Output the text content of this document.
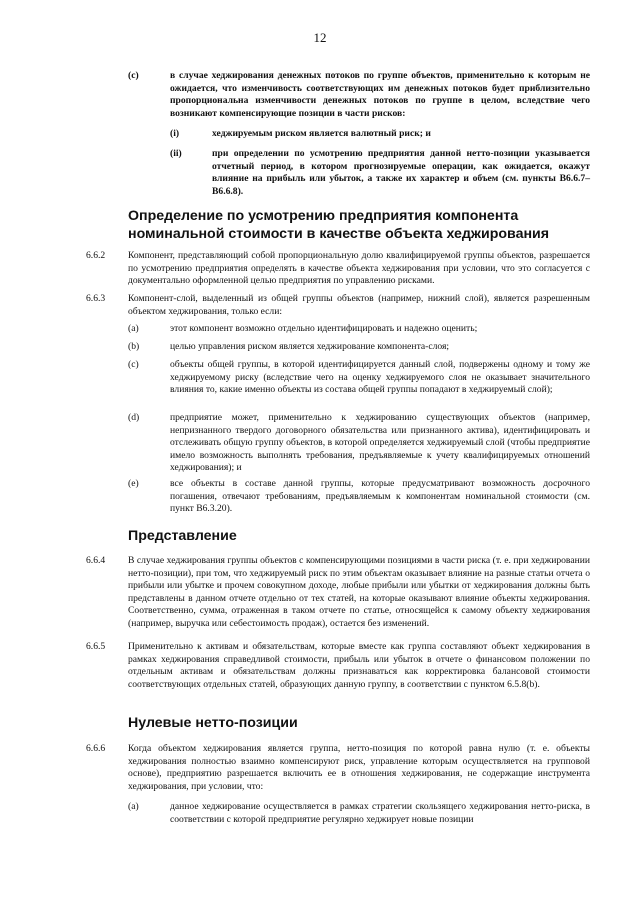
12
(c)	в случае хеджирования денежных потоков по группе объектов, применительно к которым не ожидается, что изменчивость соответствующих им денежных потоков будет приблизительно пропорциональна изменчивости денежных потоков по группе в целом, вследствие чего возникают компенсирующие позиции в части рисков:
(i)	хеджируемым риском является валютный риск; и
(ii)	при определении по усмотрению предприятия данной нетто-позиции указывается отчетный период, в котором прогнозируемые операции, как ожидается, окажут влияние на прибыль или убыток, а также их характер и объем (см. пункты B6.6.7–B6.6.8).
Определение по усмотрению предприятия компонента номинальной стоимости в качестве объекта хеджирования
6.6.2 Компонент, представляющий собой пропорциональную долю квалифицируемой группы объектов, разрешается по усмотрению предприятия определять в качестве объекта хеджирования при условии, что это согласуется с документально оформленной целью предприятия по управлению рисками.
6.6.3 Компонент-слой, выделенный из общей группы объектов (например, нижний слой), является разрешенным объектом хеджирования, только если:
(a)	этот компонент возможно отдельно идентифицировать и надежно оценить;
(b)	целью управления риском является хеджирование компонента-слоя;
(c)	объекты общей группы, в которой идентифицируется данный слой, подвержены одному и тому же хеджируемому риску (вследствие чего на оценку хеджируемого слоя не оказывает значительного влияния то, какие именно объекты из состава общей группы попадают в хеджируемый слой);
(d)	предприятие может, применительно к хеджированию существующих объектов (например, непризнанного твердого договорного обязательства или признанного актива), идентифицировать и отслеживать общую группу объектов, в которой определяется хеджируемый слой (чтобы предприятие имело возможность выполнять требования, предъявляемые к учету квалифицируемых отношений хеджирования); и
(e)	все объекты в составе данной группы, которые предусматривают возможность досрочного погашения, отвечают требованиям, предъявляемым к компонентам номинальной стоимости (см. пункт B6.3.20).
Представление
6.6.4 В случае хеджирования группы объектов с компенсирующими позициями в части риска (т. е. при хеджировании нетто-позиции), при том, что хеджируемый риск по этим объектам оказывает влияние на разные статьи отчета о прибыли или убытке и прочем совокупном доходе, любые прибыли или убытки от хеджирования должны быть представлены в данном отчете отдельно от тех статей, на которые оказывают влияние объекты хеджирования. Соответственно, сумма, отраженная в таком отчете по статье, относящейся к самому объекту хеджирования (например, выручка или себестоимость продаж), остается без изменений.
6.6.5 Применительно к активам и обязательствам, которые вместе как группа составляют объект хеджирования в рамках хеджирования справедливой стоимости, прибыль или убыток в отчете о финансовом положении по отдельным активам и обязательствам должны признаваться как корректировка балансовой стоимости соответствующих отдельных статей, образующих данную группу, в соответствии с пунктом 6.5.8(b).
Нулевые нетто-позиции
6.6.6 Когда объектом хеджирования является группа, нетто-позиция по которой равна нулю (т. е. объекты хеджирования полностью взаимно компенсируют риск, управление которым осуществляется на групповой основе), предприятию разрешается включить ее в отношения хеджирования, не содержащие инструмента хеджирования, при условии, что:
(a)	данное хеджирование осуществляется в рамках стратегии скользящего хеджирования нетто-риска, в соответствии с которой предприятие регулярно хеджирует новые позиции
